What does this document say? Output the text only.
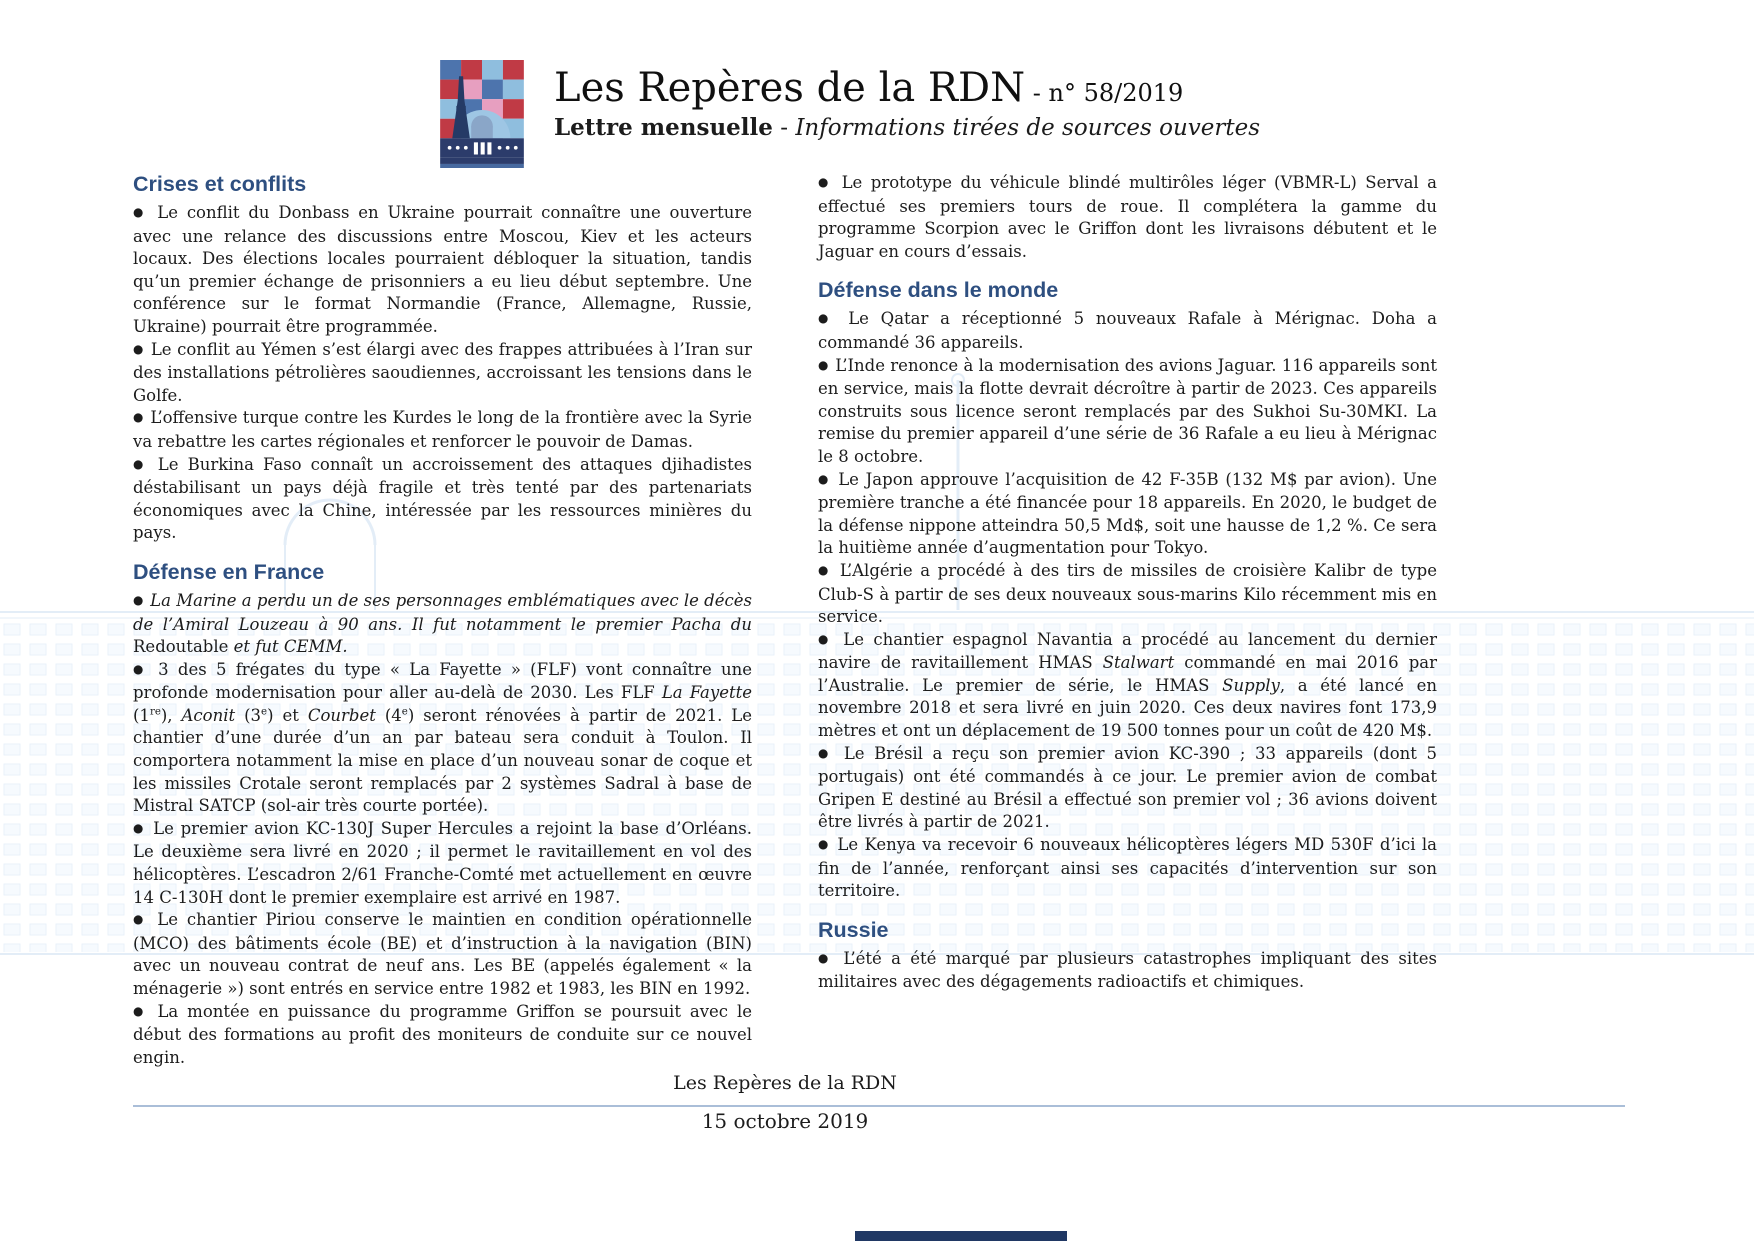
Les Repères de la RDN - n° 58/2019
Lettre mensuelle - Informations tirées de sources ouvertes
Crises et conflits

● Le conflit du Donbass en Ukraine pourrait connaître une ouverture avec une relance des discussions entre Moscou, Kiev et les acteurs locaux. Des élections locales pourraient débloquer la situation, tandis qu’un premier échange de prisonniers a eu lieu début septembre. Une conférence sur le format Normandie (France, Allemagne, Russie, Ukraine) pourrait être programmée.

● Le conflit au Yémen s’est élargi avec des frappes attribuées à l’Iran sur des installations pétrolières saoudiennes, accroissant les tensions dans le Golfe.

● L’offensive turque contre les Kurdes le long de la frontière avec la Syrie va rebattre les cartes régionales et renforcer le pouvoir de Damas.

● Le Burkina Faso connaît un accroissement des attaques djihadistes déstabilisant un pays déjà fragile et très tenté par des partenariats économiques avec la Chine, intéressée par les ressources minières du pays.

Défense en France

● La Marine a perdu un de ses personnages emblématiques avec le décès de l’Amiral Louzeau à 90 ans. Il fut notamment le premier Pacha du Redoutable et fut CEMM.

● 3 des 5 frégates du type « La Fayette » (FLF) vont connaître une profonde modernisation pour aller au-delà de 2030. Les FLF La Fayette (1re), Aconit (3e) et Courbet (4e) seront rénovées à partir de 2021. Le chantier d’une durée d’un an par bateau sera conduit à Toulon. Il comportera notamment la mise en place d’un nouveau sonar de coque et les missiles Crotale seront remplacés par 2 systèmes Sadral à base de Mistral SATCP (sol-air très courte portée).

● Le premier avion KC-130J Super Hercules a rejoint la base d’Orléans. Le deuxième sera livré en 2020 ; il permet le ravitaillement en vol des hélicoptères. L’escadron 2/61 Franche-Comté met actuellement en œuvre 14 C-130H dont le premier exemplaire est arrivé en 1987.

● Le chantier Piriou conserve le maintien en condition opérationnelle (MCO) des bâtiments école (BE) et d’instruction à la navigation (BIN) avec un nouveau contrat de neuf ans. Les BE (appelés également « la ménagerie ») sont entrés en service entre 1982 et 1983, les BIN en 1992.

● La montée en puissance du programme Griffon se poursuit avec le début des formations au profit des moniteurs de conduite sur ce nouvel engin.

● Le prototype du véhicule blindé multirôles léger (VBMR-L) Serval a effectué ses premiers tours de roue. Il complétera la gamme du programme Scorpion avec le Griffon dont les livraisons débutent et le Jaguar en cours d’essais.

Défense dans le monde

● Le Qatar a réceptionné 5 nouveaux Rafale à Mérignac. Doha a commandé 36 appareils.

● L’Inde renonce à la modernisation des avions Jaguar. 116 appareils sont en service, mais la flotte devrait décroître à partir de 2023. Ces appareils construits sous licence seront remplacés par des Sukhoi Su-30MKI. La remise du premier appareil d’une série de 36 Rafale a eu lieu à Mérignac le 8 octobre.

● Le Japon approuve l’acquisition de 42 F-35B (132 M$ par avion). Une première tranche a été financée pour 18 appareils. En 2020, le budget de la défense nippone atteindra 50,5 Md$, soit une hausse de 1,2 %. Ce sera la huitième année d’augmentation pour Tokyo.

● L’Algérie a procédé à des tirs de missiles de croisière Kalibr de type Club-S à partir de ses deux nouveaux sous-marins Kilo récemment mis en service.

● Le chantier espagnol Navantia a procédé au lancement du dernier navire de ravitaillement HMAS Stalwart commandé en mai 2016 par l’Australie. Le premier de série, le HMAS Supply, a été lancé en novembre 2018 et sera livré en juin 2020. Ces deux navires font 173,9 mètres et ont un déplacement de 19 500 tonnes pour un coût de 420 M$.

● Le Brésil a reçu son premier avion KC-390 ; 33 appareils (dont 5 portugais) ont été commandés à ce jour. Le premier avion de combat Gripen E destiné au Brésil a effectué son premier vol ; 36 avions doivent être livrés à partir de 2021.

● Le Kenya va recevoir 6 nouveaux hélicoptères légers MD 530F d’ici la fin de l’année, renforçant ainsi ses capacités d’intervention sur son territoire.

Russie

● L’été a été marqué par plusieurs catastrophes impliquant des sites militaires avec des dégagements radioactifs et chimiques.

Les Repères de la RDN
15 octobre 2019
